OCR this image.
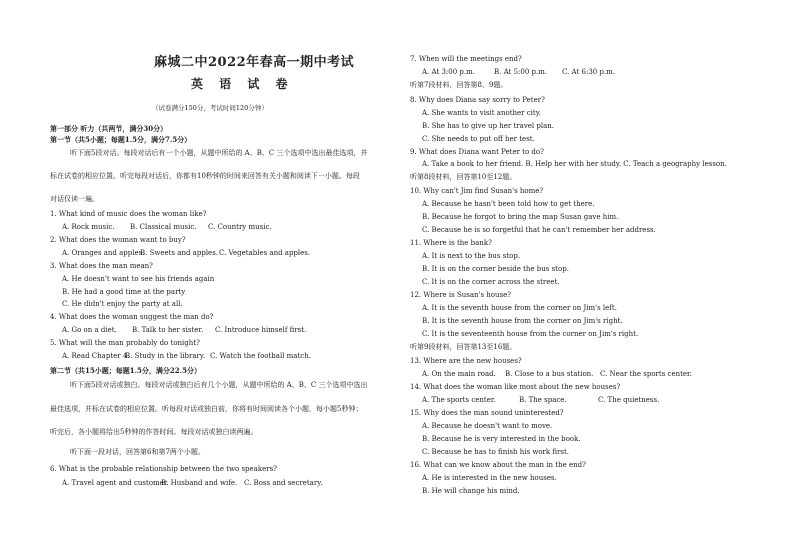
麻城二中2022年春高一期中考试
英 语 试 卷
（试卷满分150分，考试时间120分钟）
第一部分 听力（共两节，满分30分）
第一节（共5小题；每题1.5分，满分7.5分）
听下面5段对话。每段对话后有一个小题，从题中所给的 A、B、C 三个选项中选出最佳选项，并
标在试卷的相应位置。听完每段对话后，你都有10秒钟的时间来回答有关小题和阅读下一小题。每段
对话仅读一遍。
1. What kind of music does the woman like?
A. Rock music. B. Classical music. C. Country music.
2. What does the woman want to buy?
A. Oranges and apples.
B. Sweets and apples. C. Vegetables and apples.
3. What does the man mean?
A. He doesn't want to see his friends again
B. He had a good time at the party
C. He didn't enjoy the party at all.
4. What does the woman suggest the man do?
A. Go on a diet. B. Talk to her sister. C. Introduce himself first.
5. What will the man probably do tonight?
A. Read Chapter 4.
B. Study in the library. C. Watch the football match.
第二节（共15小题；每题1.5分，满分22.5分）
听下面5段对话或独白。每段对话或独白后有几个小题，从题中所给的 A、B、C 三个选项中选出
最佳选项，并标在试卷的相应位置。听每段对话或独白前，你将有时间阅读各个小题，每小题5秒钟；
听完后，各小题将给出5秒钟的作答时间。每段对话或独白读两遍。
听下面一段对话，回答第6和第7两个小题。
6. What is the probable relationship between the two speakers?
A. Travel agent and customer.
B. Husband and wife. C. Boss and secretary.
7. When will the meetings end?
A. At 3:00 p.m.	B. At 5:00 p.m. C. At 6:30 p.m.
听第7段材料，回答第8、9题。
8. Why does Diana say sorry to Peter?
A. She wants to visit another city.
B. She has to give up her travel plan.
C. She needs to put off her test.
9. What does Diana want Peter to do?
A. Take a book to her friend. B. Help her with her study. C. Teach a geography lesson.
听第8段材料，回答第10至12题。
10. Why can't Jim find Susan's home?
A. Because he hasn't been told how to get there.
B. Because he forgot to bring the map Susan gave him.
C. Because he is so forgetful that he can't remember her address.
11. Where is the bank?
A. It is next to the bus stop.
B. It is on the corner beside the bus stop.
C. It is on the corner across the street.
12. Where is Susan's house?
A. It is the seventh house from the corner on Jim's left.
B. It is the seventh house from the corner on Jim's right.
C. It is the seventeenth house from the corner on Jim's right.
听第9段材料，回答第13至16题。
13. Where are the new houses?
A. On the main road. B. Close to a bus station. C. Near the sports center.
14. What does the woman like most about the new houses?
A. The sports center.	B. The space.	C. The quietness.
15. Why does the man sound uninterested?
A. Because he doesn't want to move.
B. Because he is very interested in the book.
C. Because he has to finish his work first.
16. What can we know about the man in the end?
A. He is interested in the new houses.
B. He will change his mind.
